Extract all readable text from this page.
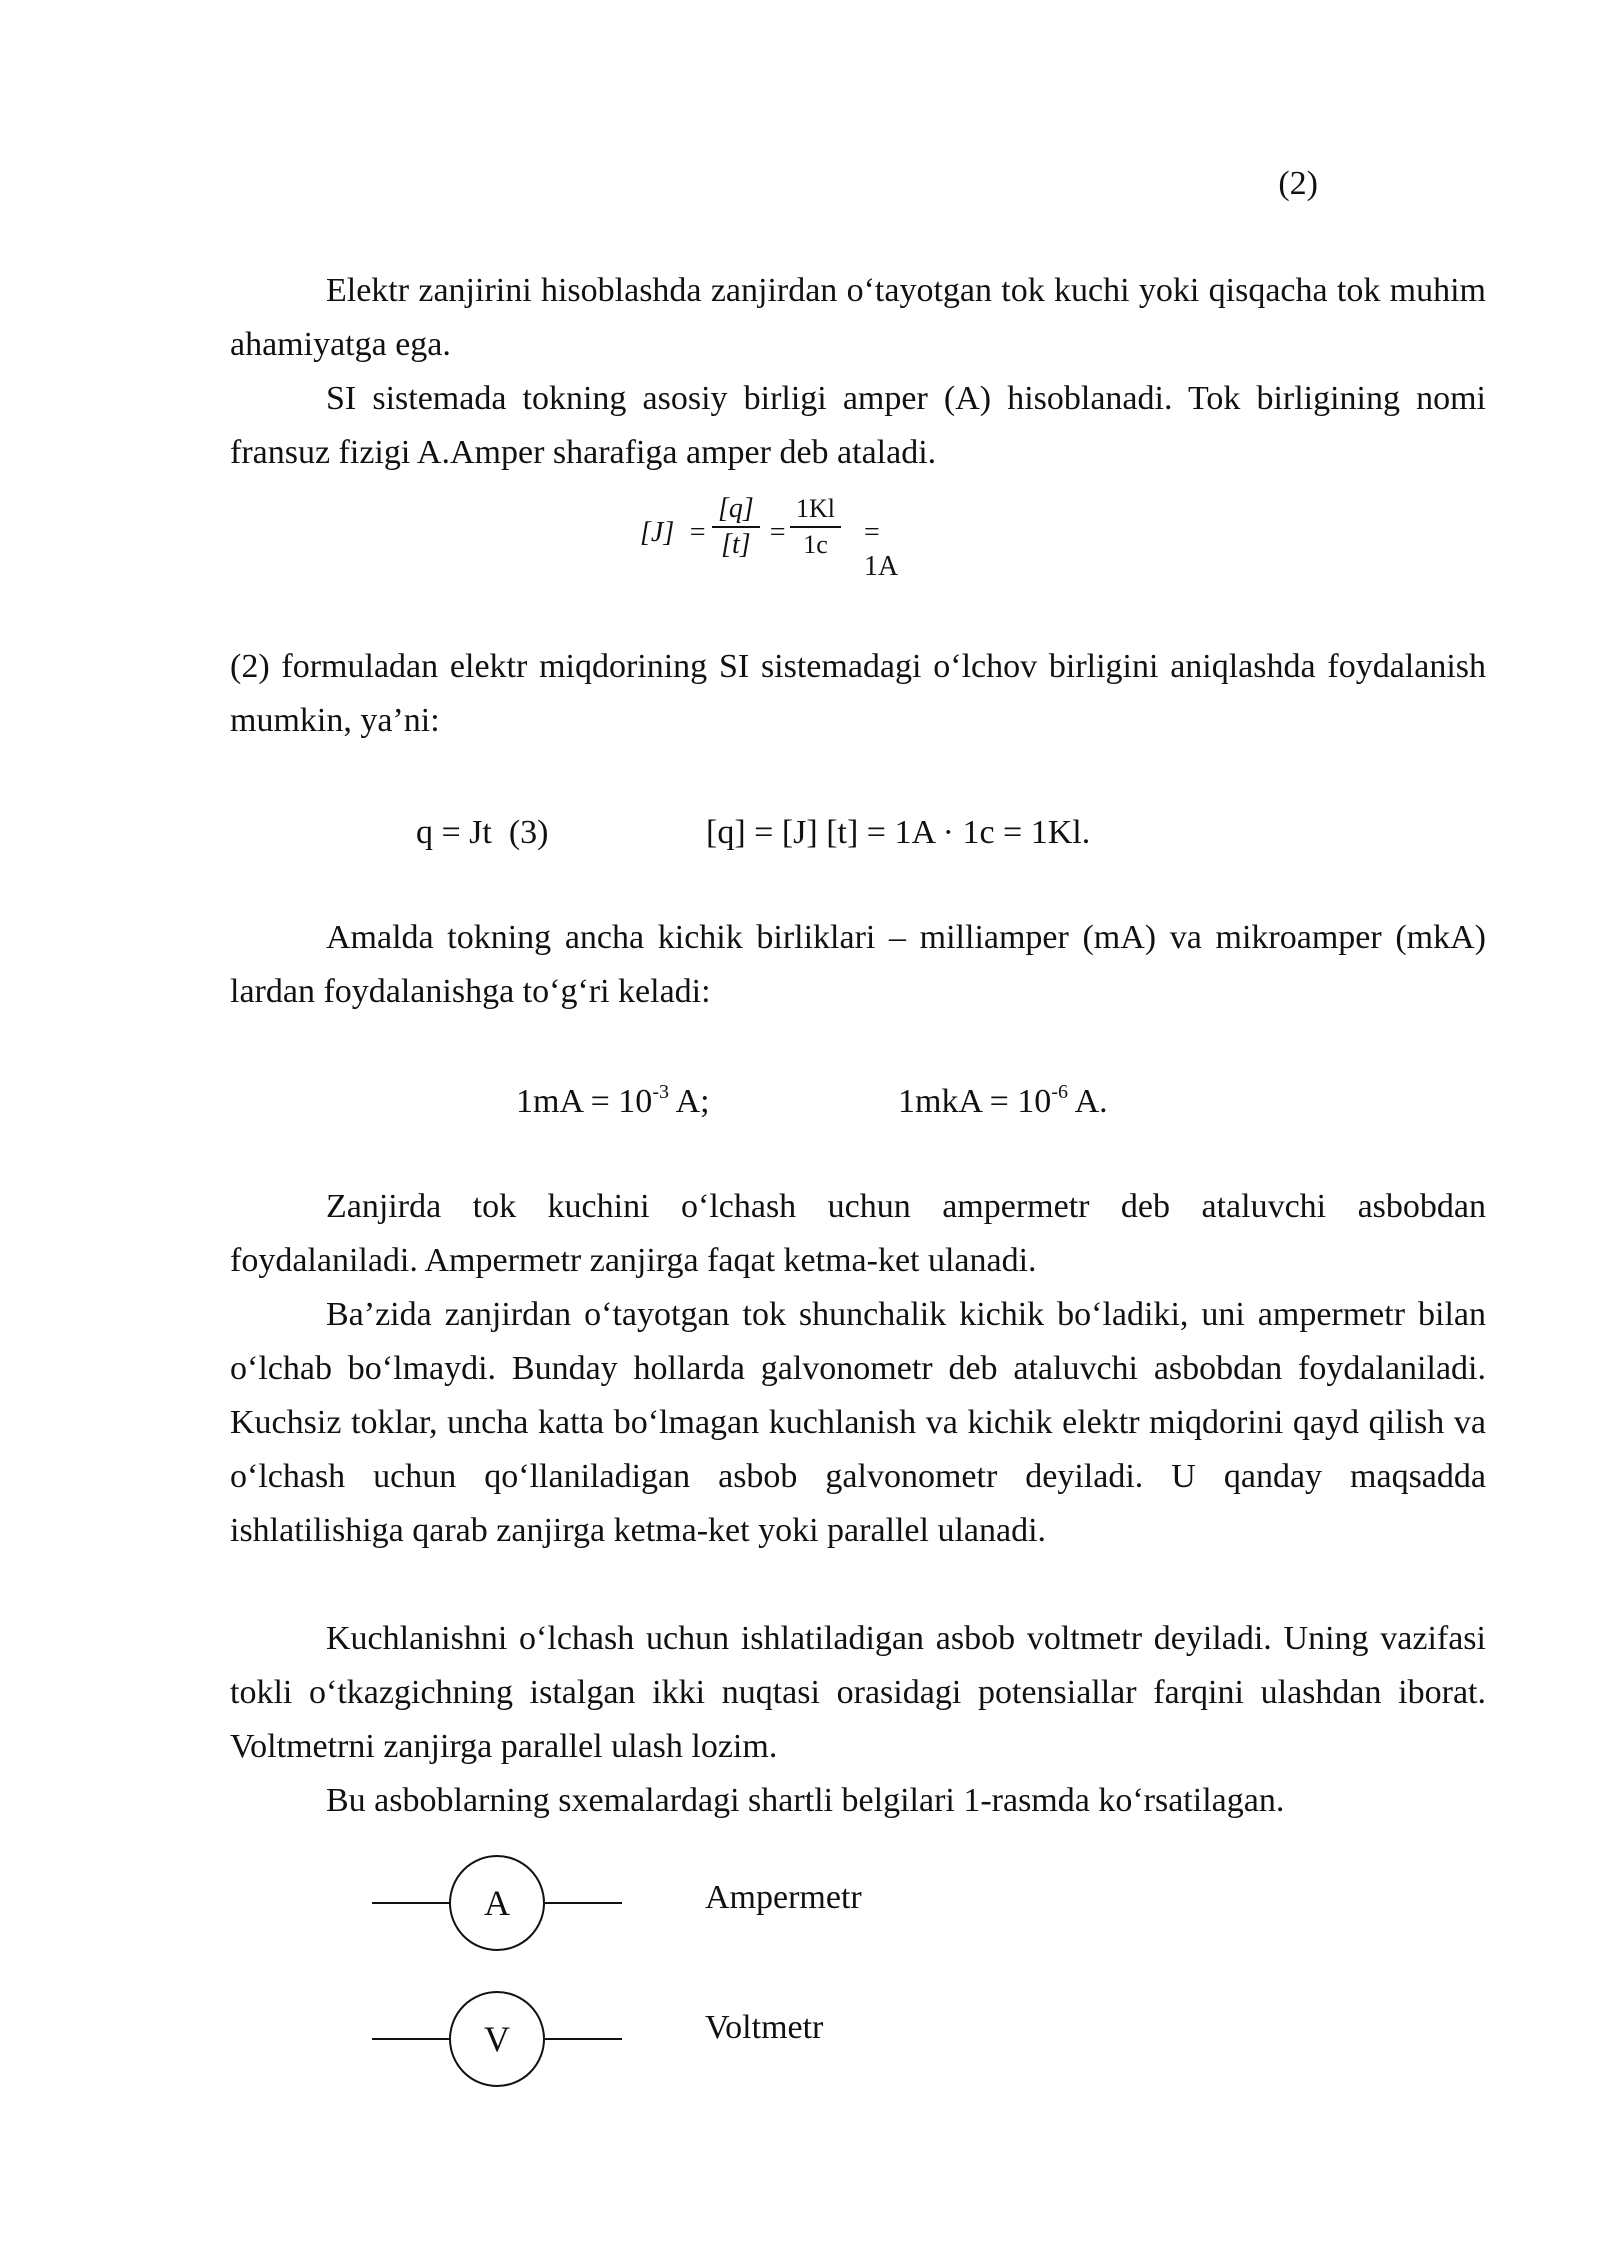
(2)

Elektr zanjirini hisoblashda zanjirdan o‘tayotgan tok kuchi yoki qisqacha tok muhim ahamiyatga ega.

SI sistemada tokning asosiy birligi amper (A) hisoblanadi. Tok birligining nomi fransuz fizigi A.Amper sharafiga amper deb ataladi.

$[J] = \frac{[q]}{[t]} = \frac{1Kl}{1c} = 1A$

(2) formuladan elektr miqdorining SI sistemadagi o‘lchov birligini aniqlashda foydalanish mumkin, ya’ni:

q = Jt  (3)	[q] = [J] [t] = 1A · 1c = 1Kl.

Amalda tokning ancha kichik birliklari – milliamper (mA) va mikroamper (mkA) lardan foydalanishga to‘g‘ri keladi:

$1mA = 10^{-3}$ A;	$1mkA = 10^{-6}$ A.

Zanjirda tok kuchini o‘lchash uchun ampermetr deb ataluvchi asbobdan foydalaniladi. Ampermetr zanjirga faqat ketma-ket ulanadi.

Ba’zida zanjirdan o‘tayotgan tok shunchalik kichik bo‘ladiki, uni ampermetr bilan o‘lchab bo‘lmaydi. Bunday hollarda galvonometr deb ataluvchi asbobdan foydalaniladi. Kuchsiz toklar, uncha katta bo‘lmagan kuchlanish va kichik elektr miqdorini qayd qilish va o‘lchash uchun qo‘llaniladigan asbob galvonometr deyiladi. U qanday maqsadda ishlatilishiga qarab zanjirga ketma-ket yoki parallel ulanadi.

Kuchlanishni o‘lchash uchun ishlatiladigan asbob voltmetr deyiladi. Uning vazifasi tokli o‘tkazgichning istalgan ikki nuqtasi orasidagi potensiallar farqini ulashdan iborat. Voltmetrni zanjirga parallel ulash lozim.

Bu asboblarning sxemalardagi shartli belgilari 1-rasmda ko‘rsatilagan.

A	Ampermetr
V	Voltmetr
